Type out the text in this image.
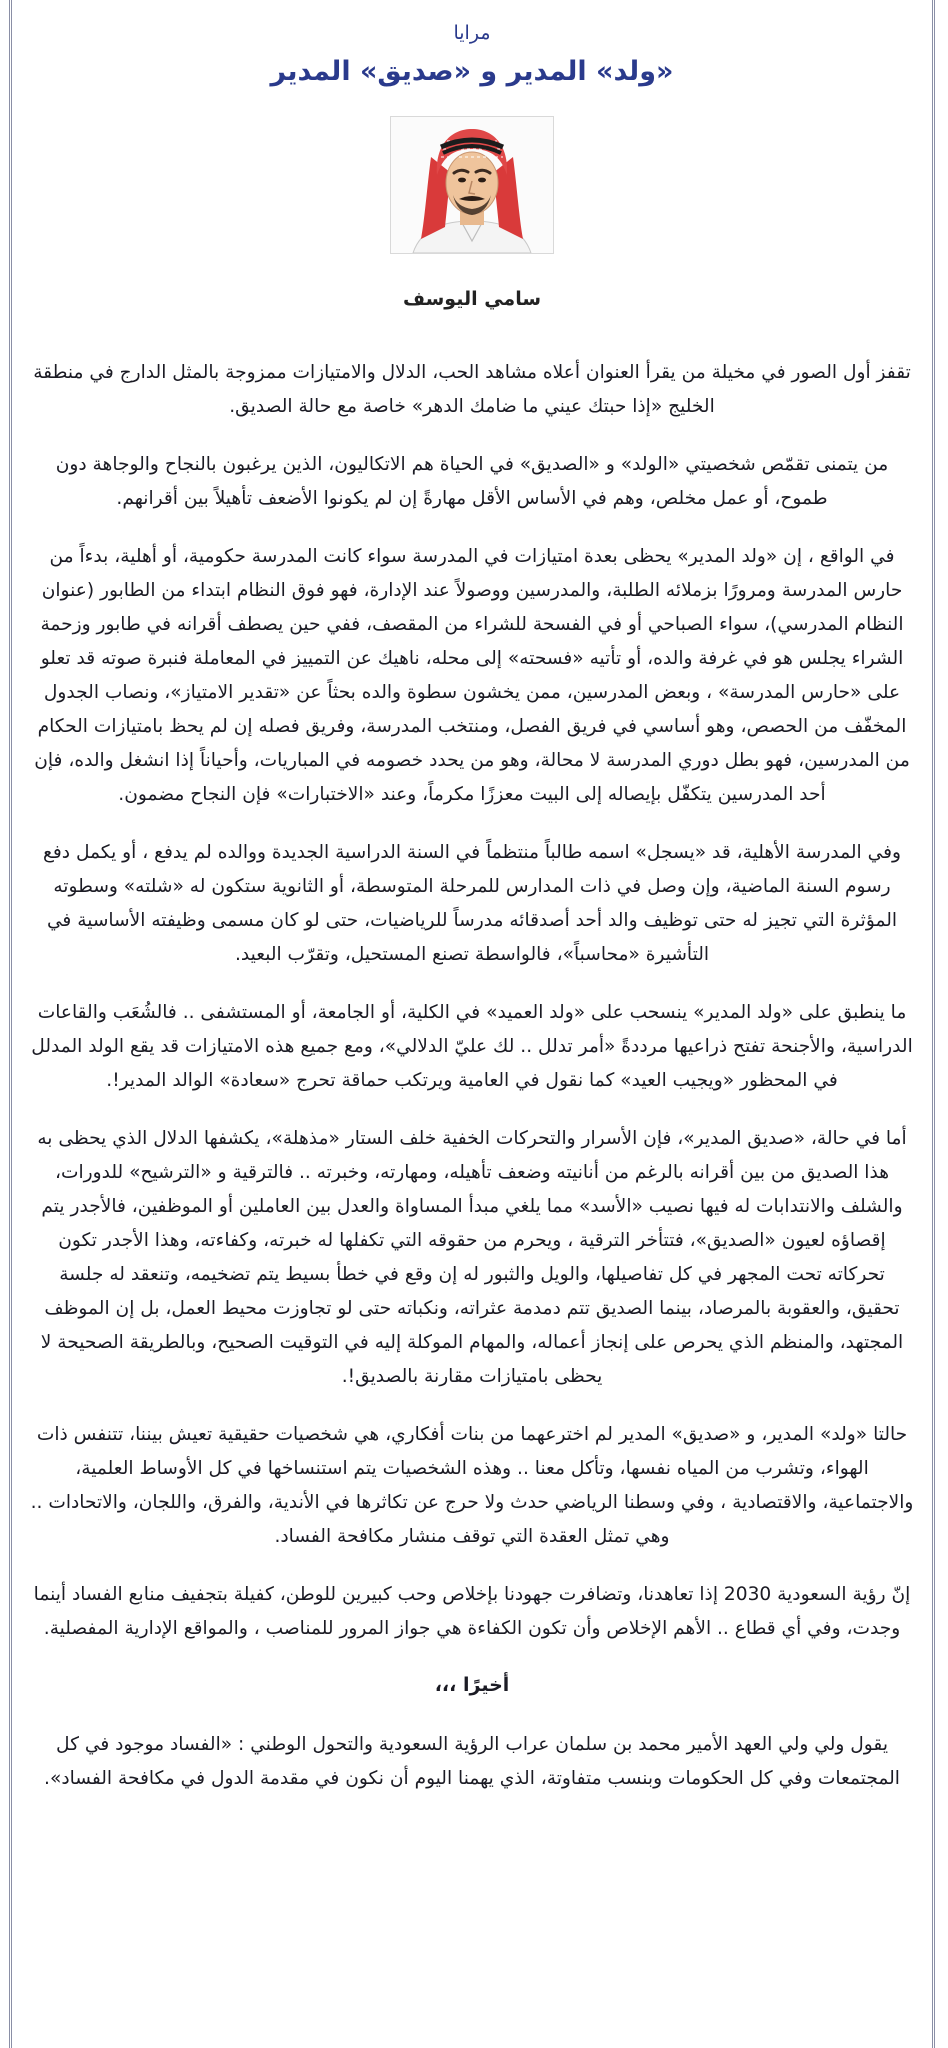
مرايا
«ولد» المدير و «صديق» المدير
سامي اليوسف

تقفز أول الصور في مخيلة من يقرأ العنوان أعلاه مشاهد الحب، الدلال والامتيازات ممزوجة بالمثل الدارج في منطقة الخليج «إذا حبتك عيني ما ضامك الدهر» خاصة مع حالة الصديق.

من يتمنى تقمّص شخصيتي «الولد» و «الصديق» في الحياة هم الاتكاليون، الذين يرغبون بالنجاح والوجاهة دون طموح، أو عمل مخلص، وهم في الأساس الأقل مهارةً إن لم يكونوا الأضعف تأهيلاً بين أقرانهم.

في الواقع ، إن «ولد المدير» يحظى بعدة امتيازات في المدرسة سواء كانت المدرسة حكومية، أو أهلية، بدءاً من حارس المدرسة ومرورًا بزملائه الطلبة، والمدرسين ووصولاً عند الإدارة، فهو فوق النظام ابتداء من الطابور (عنوان النظام المدرسي)، سواء الصباحي أو في الفسحة للشراء من المقصف، ففي حين يصطف أقرانه في طابور وزحمة الشراء يجلس هو في غرفة والده، أو تأتيه «فسحته» إلى محله، ناهيك عن التمييز في المعاملة فنبرة صوته قد تعلو على «حارس المدرسة» ، وبعض المدرسين، ممن يخشون سطوة والده بحثاً عن «تقدير الامتياز»، ونصاب الجدول المخفّف من الحصص، وهو أساسي في فريق الفصل، ومنتخب المدرسة، وفريق فصله إن لم يحظ بامتيازات الحكام من المدرسين، فهو بطل دوري المدرسة لا محالة، وهو من يحدد خصومه في المباريات، وأحياناً إذا انشغل والده، فإن أحد المدرسين يتكفّل بإيصاله إلى البيت معززًا مكرماً، وعند «الاختبارات» فإن النجاح مضمون.

وفي المدرسة الأهلية، قد «يسجل» اسمه طالباً منتظماً في السنة الدراسية الجديدة ووالده لم يدفع ، أو يكمل دفع رسوم السنة الماضية، وإن وصل في ذات المدارس للمرحلة المتوسطة، أو الثانوية ستكون له «شلته» وسطوته المؤثرة التي تجيز له حتى توظيف والد أحد أصدقائه مدرساً للرياضيات، حتى لو كان مسمى وظيفته الأساسية في التأشيرة «محاسباً»، فالواسطة تصنع المستحيل، وتقرّب البعيد.

ما ينطبق على «ولد المدير» ينسحب على «ولد العميد» في الكلية، أو الجامعة، أو المستشفى .. فالشُعَب والقاعات الدراسية، والأجنحة تفتح ذراعيها مرددةً «أمر تدلل .. لك عليّ الدلالي»، ومع جميع هذه الامتيازات قد يقع الولد المدلل في المحظور «ويجيب العيد» كما نقول في العامية ويرتكب حماقة تحرج «سعادة» الوالد المدير!.

أما في حالة، «صديق المدير»، فإن الأسرار والتحركات الخفية خلف الستار «مذهلة»، يكشفها الدلال الذي يحظى به هذا الصديق من بين أقرانه بالرغم من أنانيته وضعف تأهيله، ومهارته، وخبرته .. فالترقية و «الترشيح» للدورات، والشلف والانتدابات له فيها نصيب «الأسد» مما يلغي مبدأ المساواة والعدل بين العاملين أو الموظفين، فالأجدر يتم إقصاؤه لعيون «الصديق»، فتتأخر الترقية ، ويحرم من حقوقه التي تكفلها له خبرته، وكفاءته، وهذا الأجدر تكون تحركاته تحت المجهر في كل تفاصيلها، والويل والثبور له إن وقع في خطأ بسيط يتم تضخيمه، وتنعقد له جلسة تحقيق، والعقوبة بالمرصاد، بينما الصديق تتم دمدمة عثراته، ونكباته حتى لو تجاوزت محيط العمل، بل إن الموظف المجتهد، والمنظم الذي يحرص على إنجاز أعماله، والمهام الموكلة إليه في التوقيت الصحيح، وبالطريقة الصحيحة لا يحظى بامتيازات مقارنة بالصديق!.

حالتا «ولد» المدير، و «صديق» المدير لم اخترعهما من بنات أفكاري، هي شخصيات حقيقية تعيش بيننا، تتنفس ذات الهواء، وتشرب من المياه نفسها، وتأكل معنا .. وهذه الشخصيات يتم استنساخها في كل الأوساط العلمية، والاجتماعية، والاقتصادية ، وفي وسطنا الرياضي حدث ولا حرج عن تكاثرها في الأندية، والفرق، واللجان، والاتحادات .. وهي تمثل العقدة التي توقف منشار مكافحة الفساد.

إنّ رؤية السعودية 2030 إذا تعاهدنا، وتضافرت جهودنا بإخلاص وحب كبيرين للوطن، كفيلة بتجفيف منابع الفساد أينما وجدت، وفي أي قطاع .. الأهم الإخلاص وأن تكون الكفاءة هي جواز المرور للمناصب ، والمواقع الإدارية المفصلية.

أخيرًا ،،،

يقول ولي ولي العهد الأمير محمد بن سلمان عراب الرؤية السعودية والتحول الوطني : «الفساد موجود في كل المجتمعات وفي كل الحكومات وبنسب متفاوتة، الذي يهمنا اليوم أن نكون في مقدمة الدول في مكافحة الفساد».
